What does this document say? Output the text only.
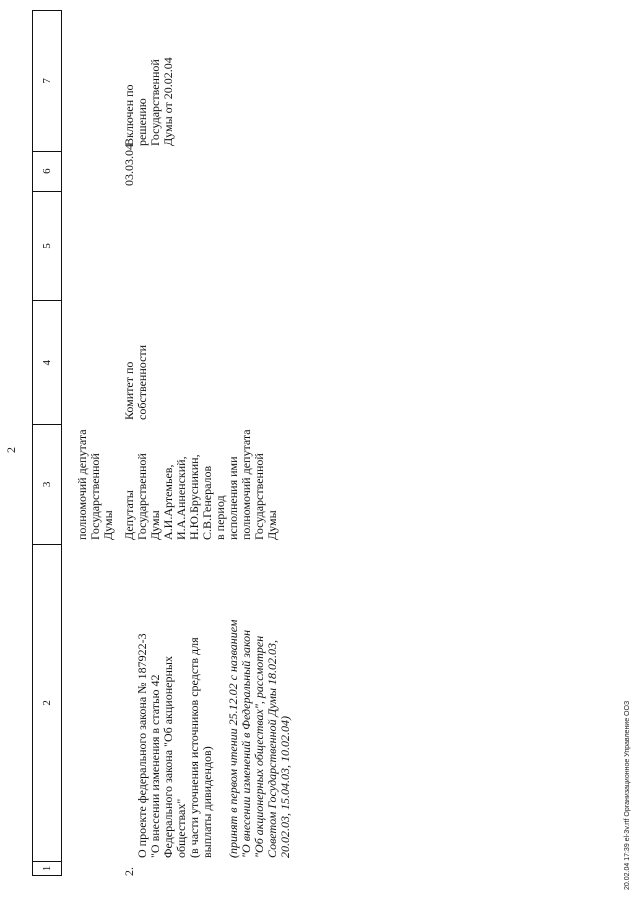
2
1
2
3
4
5
6
7
полномочий депутата
Государственной
Думы
2.

О проекте федерального закона № 187922-3
"О внесении изменения в статью 42
Федерального закона "Об акционерных
обществах"
(в части уточнения источников средств для
выплаты дивидендов)

(принят в первом чтении 25.12.02 с названием
"О внесении изменений в Федеральный закон
"Об акционерных обществах", рассмотрен
Советом Государственной Думы 18.02.03,
20.02.03, 15.04.03, 10.02.04)

Депутаты
Государственной
Думы
А.И.Артемьев,
И.А.Анненский,
Н.Ю.Брусникин,
С.В.Генералов
в период
исполнения ими
полномочий депутата
Государственной
Думы
Комитет по
собственности
03.03.04
Включен по
решению
Государственной
Думы от 20.02.04
20.02.04 17:39 el-3v.rtf Организационное Управление ООЗ
